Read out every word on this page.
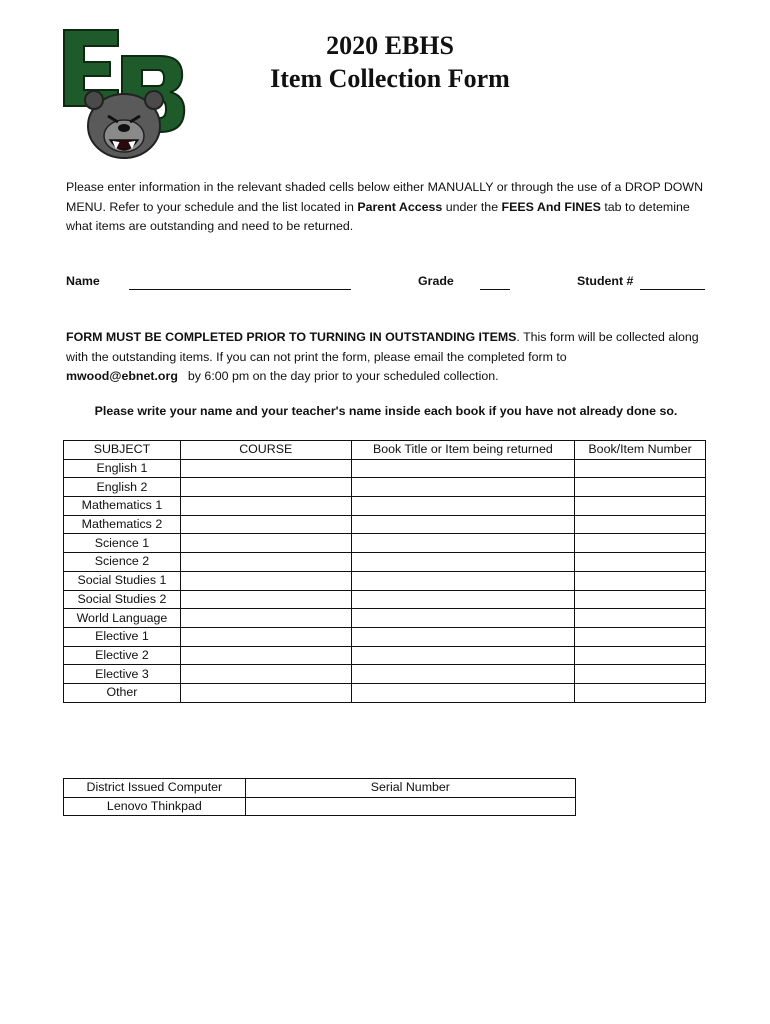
2020 EBHS
Item Collection Form
Please enter information in the relevant shaded cells below either MANUALLY or through the use of a DROP DOWN MENU. Refer to your schedule and the list located in Parent Access under the FEES And FINES tab to detemine what items are outstanding and need to be returned.
Name	Grade	Student #
FORM MUST BE COMPLETED PRIOR TO TURNING IN OUTSTANDING ITEMS. This form will be collected along with the outstanding items. If you can not print the form, please email the completed form to
mwood@ebnet.org by 6:00 pm on the day prior to your scheduled collection.
Please write your name and your teacher's name inside each book if you have not already done so.
SUBJECT	COURSE	Book Title or Item being returned	Book/Item Number
English 1			
English 2			
Mathematics 1			
Mathematics 2			
Science 1			
Science 2			
Social Studies 1			
Social Studies 2			
World Language			
Elective 1			
Elective 2			
Elective 3			
Other			
District Issued Computer	Serial Number
Lenovo Thinkpad	
